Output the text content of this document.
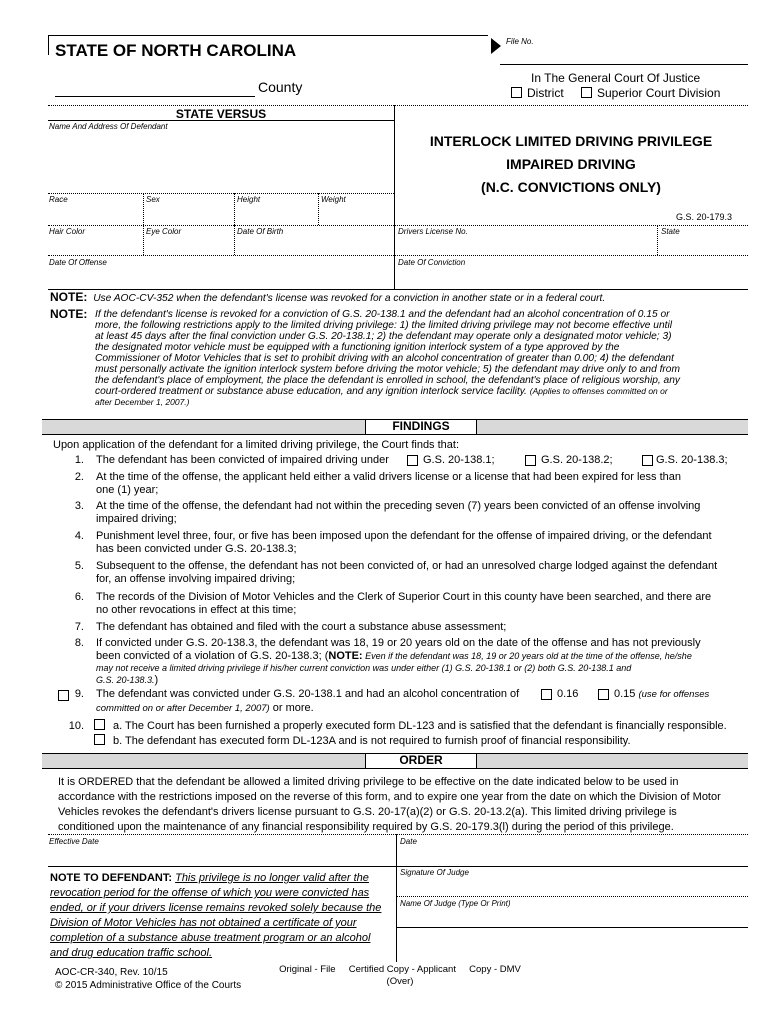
File No.
STATE OF NORTH CAROLINA
County
In The General Court Of Justice
District	Superior Court Division
STATE VERSUS
Name And Address Of Defendant
Race	Sex	Height	Weight
INTERLOCK LIMITED DRIVING PRIVILEGE
IMPAIRED DRIVING
(N.C. CONVICTIONS ONLY)
G.S. 20-179.3
Hair Color	Eye Color	Date Of Birth	Drivers License No.	State
Date Of Offense	Date Of Conviction
NOTE: Use AOC-CV-352 when the defendant's license was revoked for a conviction in another state or in a federal court.
NOTE: If the defendant's license is revoked for a conviction of G.S. 20-138.1 and the defendant had an alcohol concentration of 0.15 or
more, the following restrictions apply to the limited driving privilege: 1) the limited driving privilege may not become effective until
at least 45 days after the final conviction under G.S. 20-138.1; 2) the defendant may operate only a designated motor vehicle; 3)
the designated motor vehicle must be equipped with a functioning ignition interlock system of a type approved by the
Commissioner of Motor Vehicles that is set to prohibit driving with an alcohol concentration of greater than 0.00; 4) the defendant
must personally activate the ignition interlock system before driving the motor vehicle; 5) the defendant may drive only to and from
the defendant's place of employment, the place the defendant is enrolled in school, the defendant's place of religious worship, any
court-ordered treatment or substance abuse education, and any ignition interlock service facility. (Applies to offenses committed on or
after December 1, 2007.)
FINDINGS
Upon application of the defendant for a limited driving privilege, the Court finds that:
1. The defendant has been convicted of impaired driving under	G.S. 20-138.1;	G.S. 20-138.2;	G.S. 20-138.3;
2. At the time of the offense, the applicant held either a valid drivers license or a license that had been expired for less than
one (1) year;
3. At the time of the offense, the defendant had not within the preceding seven (7) years been convicted of an offense involving
impaired driving;
4. Punishment level three, four, or five has been imposed upon the defendant for the offense of impaired driving, or the defendant
has been convicted under G.S. 20-138.3;
5. Subsequent to the offense, the defendant has not been convicted of, or had an unresolved charge lodged against the defendant
for, an offense involving impaired driving;
6. The records of the Division of Motor Vehicles and the Clerk of Superior Court in this county have been searched, and there are
no other revocations in effect at this time;
7. The defendant has obtained and filed with the court a substance abuse assessment;
8. If convicted under G.S. 20-138.3, the defendant was 18, 19 or 20 years old on the date of the offense and has not previously
been convicted of a violation of G.S. 20-138.3; (NOTE: Even if the defendant was 18, 19 or 20 years old at the time of the offense, he/she
may not receive a limited driving privilege if his/her current conviction was under either (1) G.S. 20-138.1 or (2) both G.S. 20-138.1 and
G.S. 20-138.3.)
9. The defendant was convicted under G.S. 20-138.1 and had an alcohol concentration of	0.16	0.15 (use for offenses
committed on or after December 1, 2007) or more.
10.	a. The Court has been furnished a properly executed form DL-123 and is satisfied that the defendant is financially responsible.
b. The defendant has executed form DL-123A and is not required to furnish proof of financial responsibility.
ORDER
It is ORDERED that the defendant be allowed a limited driving privilege to be effective on the date indicated below to be used in
accordance with the restrictions imposed on the reverse of this form, and to expire one year from the date on which the Division of Motor
Vehicles revokes the defendant's drivers license pursuant to G.S. 20-17(a)(2) or G.S. 20-13.2(a). This limited driving privilege is
conditioned upon the maintenance of any financial responsibility required by G.S. 20-179.3(l) during the period of this privilege.
Effective Date	Date
Signature Of Judge
Name Of Judge (Type Or Print)
NOTE TO DEFENDANT: This privilege is no longer valid after the
revocation period for the offense of which you were convicted has
ended, or if your drivers license remains revoked solely because the
Division of Motor Vehicles has not obtained a certificate of your
completion of a substance abuse treatment program or an alcohol
and drug education traffic school.
AOC-CR-340, Rev. 10/15
© 2015 Administrative Office of the Courts
Original - File     Certified Copy - Applicant     Copy - DMV
(Over)
